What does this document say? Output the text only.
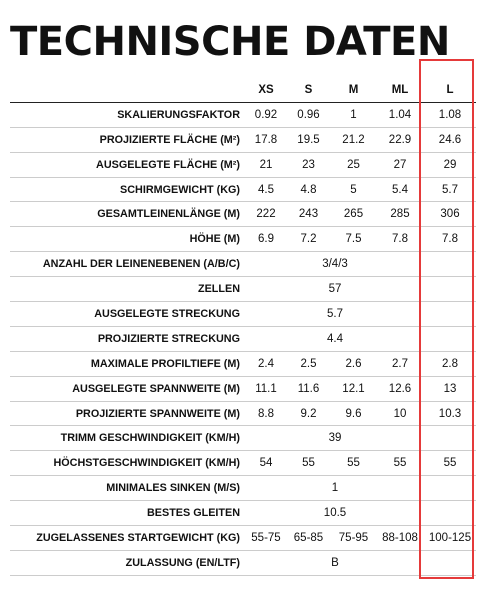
TECHNISCHE DATEN
	XS	S	M	ML	L
SKALIERUNGSFAKTOR	0.92	0.96	1	1.04	1.08
PROJIZIERTE FLÄCHE (M²)	17.8	19.5	21.2	22.9	24.6
AUSGELEGTE FLÄCHE (M²)	21	23	25	27	29
SCHIRMGEWICHT (KG)	4.5	4.8	5	5.4	5.7
GESAMTLEINENLÄNGE (M)	222	243	265	285	306
HÖHE (M)	6.9	7.2	7.5	7.8	7.8
ANZAHL DER LEINENEBENEN (A/B/C)	3/4/3				
ZELLEN	57				
AUSGELEGTE STRECKUNG	5.7				
PROJIZIERTE STRECKUNG	4.4				
MAXIMALE PROFILTIEFE (M)	2.4	2.5	2.6	2.7	2.8
AUSGELEGTE SPANNWEITE (M)	11.1	11.6	12.1	12.6	13
PROJIZIERTE SPANNWEITE (M)	8.8	9.2	9.6	10	10.3
TRIMM GESCHWINDIGKEIT (KM/H)	39				
HÖCHSTGESCHWINDIGKEIT (KM/H)	54	55	55	55	55
MINIMALES SINKEN (M/S)	1				
BESTES GLEITEN	10.5				
ZUGELASSENES STARTGEWICHT (KG)	55-75	65-85	75-95	88-108	100-125
ZULASSUNG (EN/LTF)	B				
